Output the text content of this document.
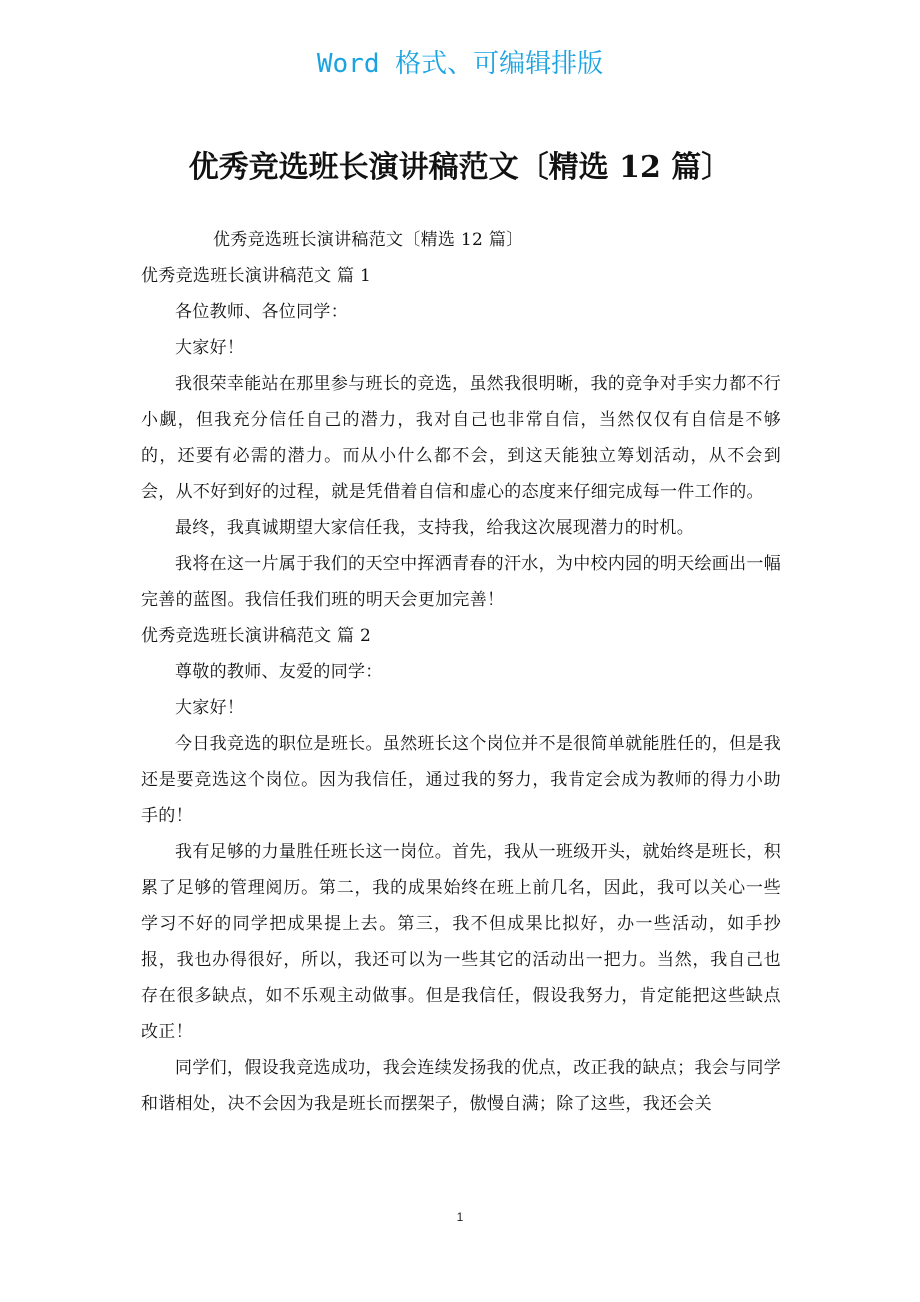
Word 格式、可编辑排版
优秀竞选班长演讲稿范文〔精选 12 篇〕

优秀竞选班长演讲稿范文〔精选 12 篇〕

优秀竞选班长演讲稿范文 篇 1

各位教师、各位同学：

大家好！

我很荣幸能站在那里参与班长的竞选，虽然我很明晰，我的竞争对手实力都不行小觑，但我充分信任自己的潜力，我对自己也非常自信，当然仅仅有自信是不够的，还要有必需的潜力。而从小什么都不会，到这天能独立筹划活动，从不会到会，从不好到好的过程，就是凭借着自信和虚心的态度来仔细完成每一件工作的。

最终，我真诚期望大家信任我，支持我，给我这次展现潜力的时机。

我将在这一片属于我们的天空中挥洒青春的汗水，为中校内园的明天绘画出一幅完善的蓝图。我信任我们班的明天会更加完善！

优秀竞选班长演讲稿范文 篇 2

尊敬的教师、友爱的同学：

大家好！

今日我竞选的职位是班长。虽然班长这个岗位并不是很简单就能胜任的，但是我还是要竞选这个岗位。因为我信任，通过我的努力，我肯定会成为教师的得力小助手的！

我有足够的力量胜任班长这一岗位。首先，我从一班级开头，就始终是班长，积累了足够的管理阅历。第二，我的成果始终在班上前几名，因此，我可以关心一些学习不好的同学把成果提上去。第三，我不但成果比拟好，办一些活动，如手抄报，我也办得很好，所以，我还可以为一些其它的活动出一把力。当然，我自己也存在很多缺点，如不乐观主动做事。但是我信任，假设我努力，肯定能把这些缺点改正！

同学们，假设我竞选成功，我会连续发扬我的优点，改正我的缺点；我会与同学和谐相处，决不会因为我是班长而摆架子，傲慢自满；除了这些，我还会关

1
